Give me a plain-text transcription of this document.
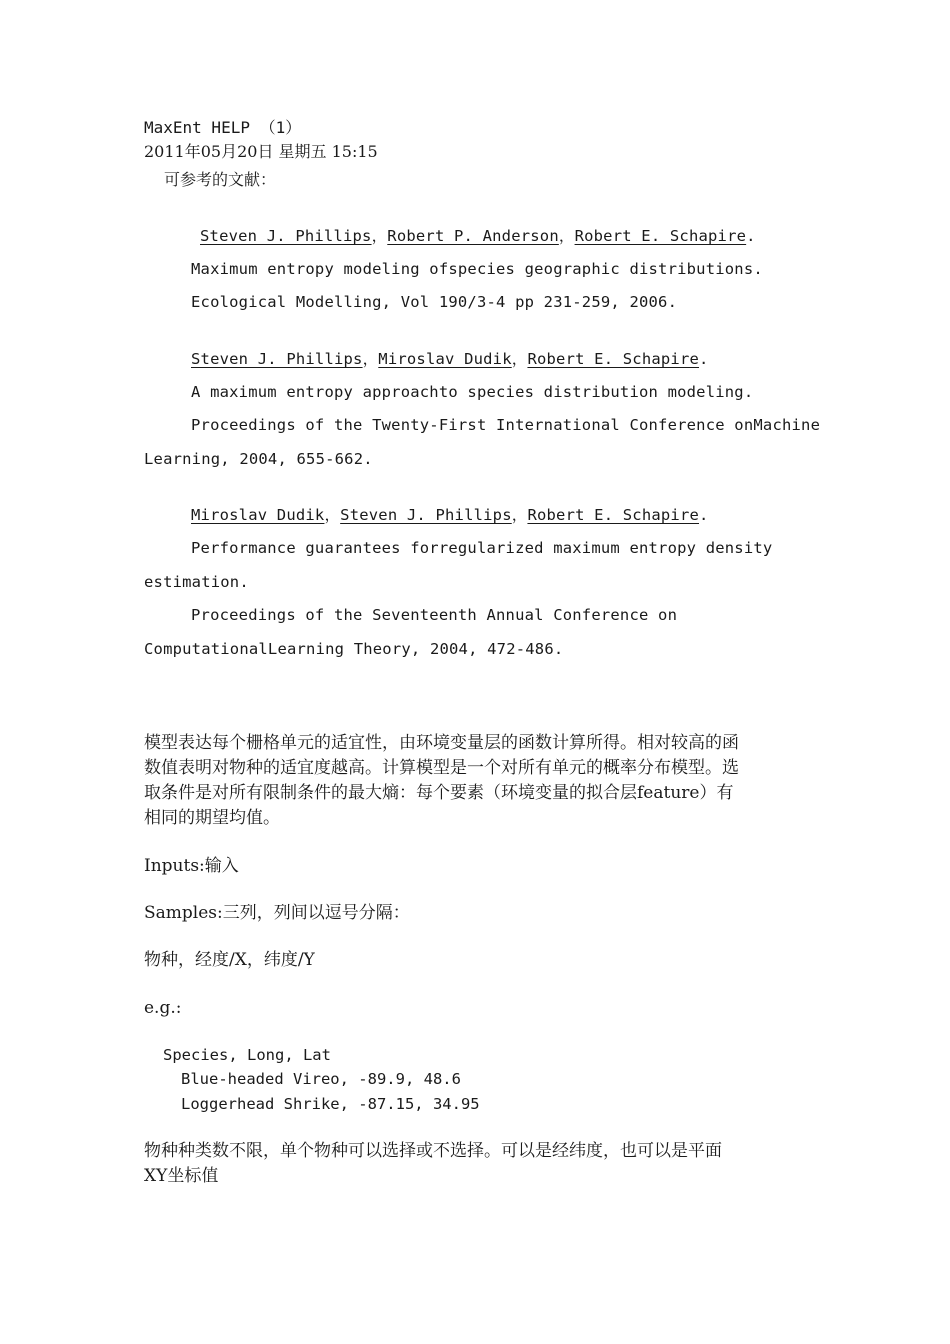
MaxEnt HELP （1）
2011年05月20日 星期五 15:15
可参考的文献：
Steven J. Phillips，Robert P. Anderson，Robert E. Schapire.
Maximum entropy modeling ofspecies geographic distributions.
Ecological Modelling, Vol 190/3-4 pp 231-259, 2006.
Steven J. Phillips，Miroslav Dudik，Robert E. Schapire.
A maximum entropy approachto species distribution modeling.
Proceedings of the Twenty-First International Conference onMachine
Learning, 2004, 655-662.
Miroslav Dudik，Steven J. Phillips，Robert E. Schapire.
Performance guarantees forregularized maximum entropy density
estimation.
Proceedings of the Seventeenth Annual Conference on
ComputationalLearning Theory, 2004, 472-486.
模型表达每个栅格单元的适宜性，由环境变量层的函数计算所得。相对较高的函
数值表明对物种的适宜度越高。计算模型是一个对所有单元的概率分布模型。选
取条件是对所有限制条件的最大熵：每个要素（环境变量的拟合层feature）有
相同的期望均值。
Inputs:输入
Samples:三列，列间以逗号分隔：
物种，经度/X，纬度/Y
e.g.:
Species, Long, Lat
Blue-headed Vireo, -89.9, 48.6
Loggerhead Shrike, -87.15, 34.95
物种种类数不限，单个物种可以选择或不选择。可以是经纬度，也可以是平面
XY坐标值
